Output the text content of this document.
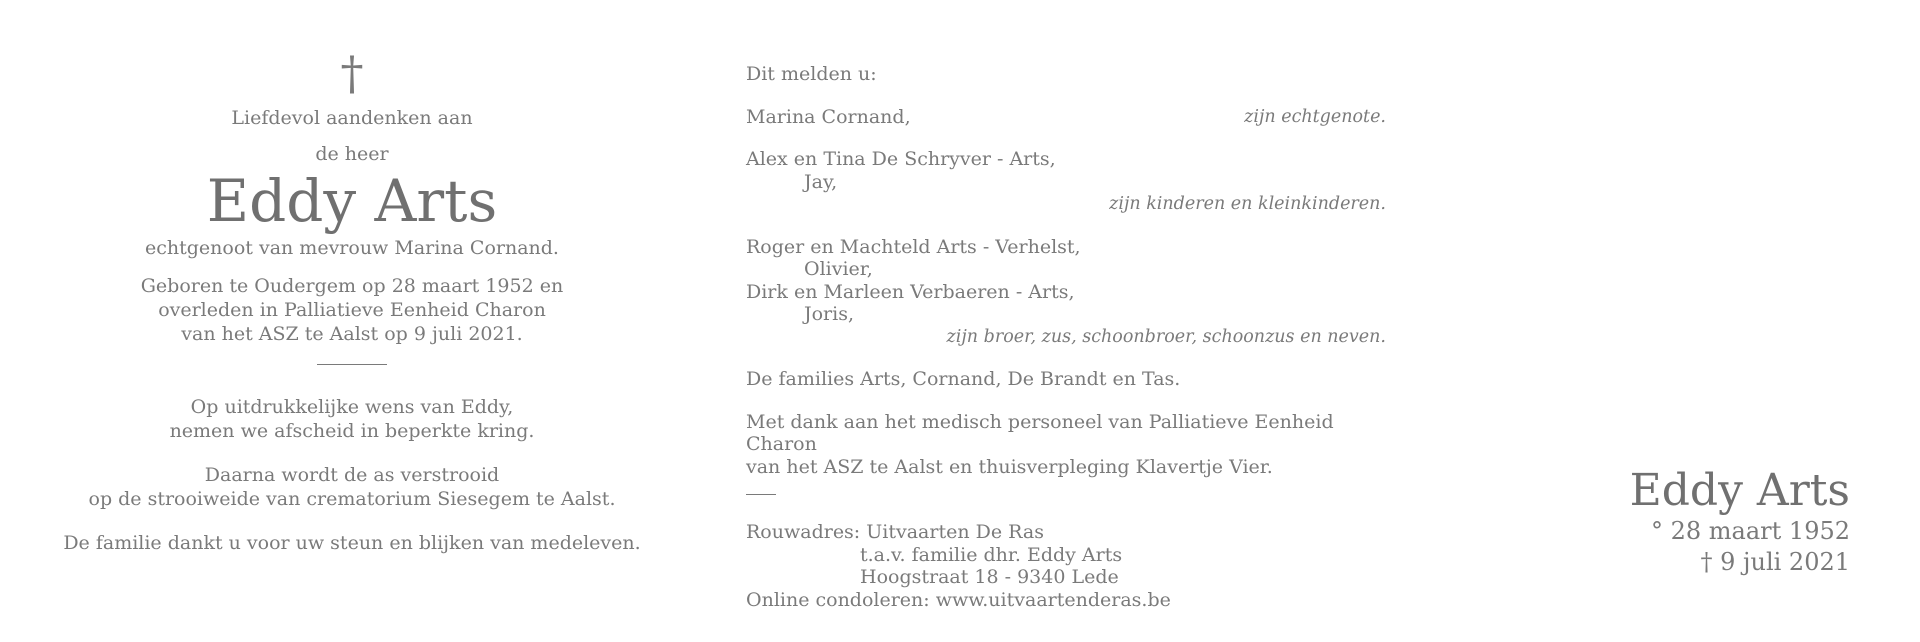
†

Liefdevol aandenken aan

de heer

Eddy Arts

echtgenoot van mevrouw Marina Cornand.

Geboren te Oudergem op 28 maart 1952 en

overleden in Palliatieve Eenheid Charon

van het ASZ te Aalst op 9 juli 2021.

Op uitdrukkelijke wens van Eddy,

nemen we afscheid in beperkte kring.

Daarna wordt de as verstrooid

op de strooiweide van crematorium Siesegem te Aalst.

De familie dankt u voor uw steun en blijken van medeleven.

Dit melden u:

Marina Cornand,	zijn echtgenote.

Alex en Tina De Schryver - Arts,

Jay,

zijn kinderen en kleinkinderen.

Roger en Machteld Arts - Verhelst,

Olivier,

Dirk en Marleen Verbaeren - Arts,

Joris,

zijn broer, zus, schoonbroer, schoonzus en neven.

De families Arts, Cornand, De Brandt en Tas.

Met dank aan het medisch personeel van Palliatieve Eenheid Charon

van het ASZ te Aalst en thuisverpleging Klavertje Vier.

Rouwadres: Uitvaarten De Ras

t.a.v. familie dhr. Eddy Arts

Hoogstraat 18 - 9340 Lede

Online condoleren: www.uitvaartenderas.be

Eddy Arts
° 28 maart 1952
† 9 juli 2021
